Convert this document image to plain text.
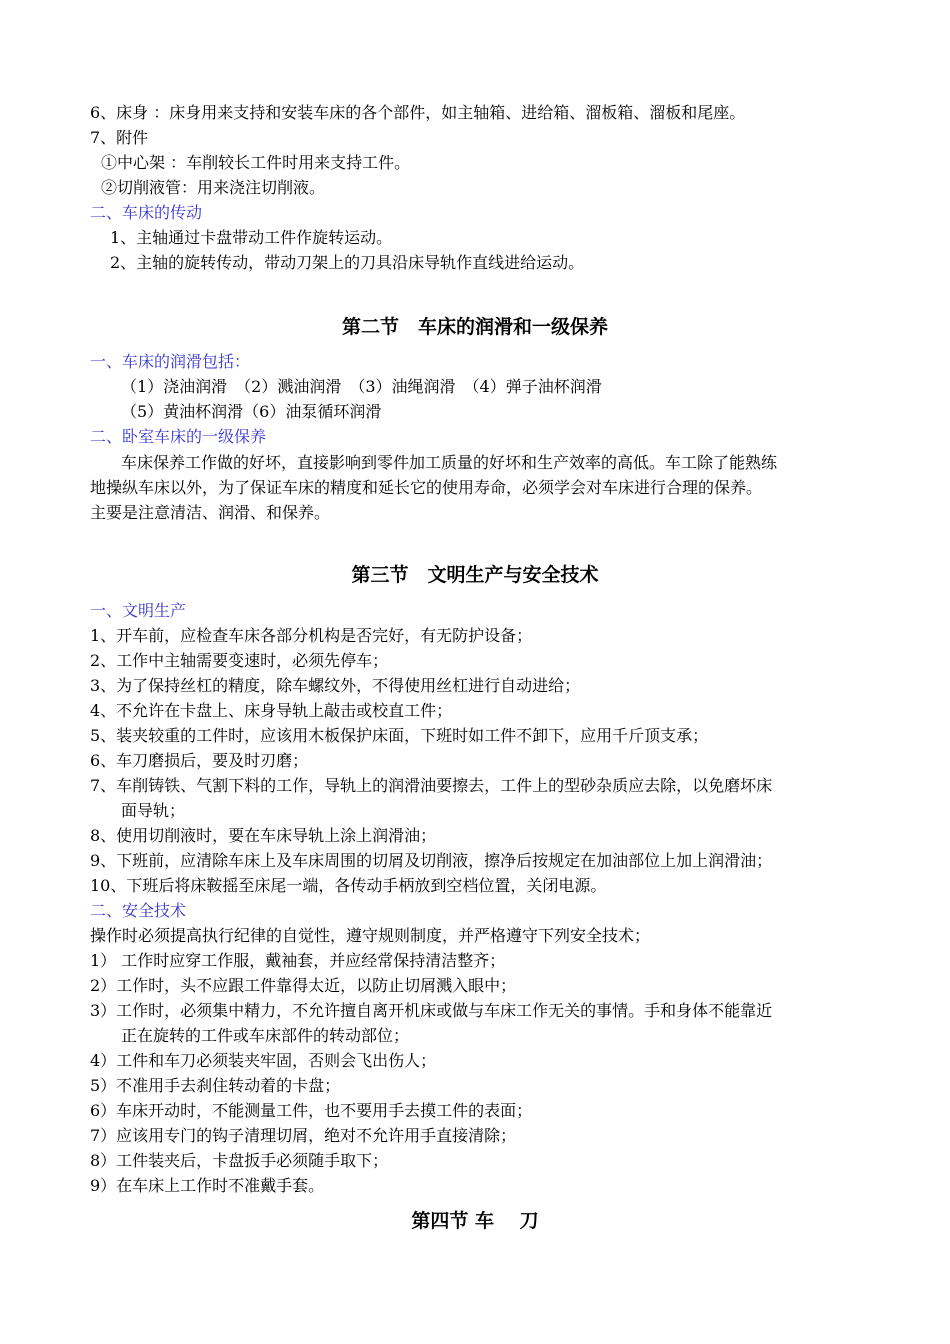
6、床身 ：床身用来支持和安装车床的各个部件，如主轴箱、进给箱、溜板箱、溜板和尾座。
7、附件
①中心架 ：车削较长工件时用来支持工件。
②切削液管：用来浇注切削液。
二、车床的传动
1、主轴通过卡盘带动工件作旋转运动。
2、主轴的旋转传动，带动刀架上的刀具沿床导轨作直线进给运动。
第二节　车床的润滑和一级保养
一、车床的润滑包括：
（1）浇油润滑　（2）溅油润滑　（3）油绳润滑　（4）弹子油杯润滑
（5）黄油杯润滑（6）油泵循环润滑
二、卧室车床的一级保养
车床保养工作做的好坏，直接影响到零件加工质量的好坏和生产效率的高低。车工除了能熟练
地操纵车床以外，为了保证车床的精度和延长它的使用寿命，必须学会对车床进行合理的保养。
主要是注意清洁、润滑、和保养。
第三节　文明生产与安全技术
一、文明生产
1、开车前，应检查车床各部分机构是否完好，有无防护设备；
2、工作中主轴需要变速时，必须先停车；
3、为了保持丝杠的精度，除车螺纹外，不得使用丝杠进行自动进给；
4、不允许在卡盘上、床身导轨上敲击或校直工件；
5、装夹较重的工件时，应该用木板保护床面，下班时如工件不卸下，应用千斤顶支承；
6、车刀磨损后，要及时刃磨；
7、车削铸铁、气割下料的工作，导轨上的润滑油要擦去，工件上的型砂杂质应去除，以免磨坏床
面导轨；
8、使用切削液时，要在车床导轨上涂上润滑油；
9、下班前，应清除车床上及车床周围的切屑及切削液，擦净后按规定在加油部位上加上润滑油；
10、下班后将床鞍摇至床尾一端，各传动手柄放到空档位置，关闭电源。
二、安全技术
操作时必须提高执行纪律的自觉性，遵守规则制度，并严格遵守下列安全技术；
1） 工作时应穿工作服，戴袖套，并应经常保持清洁整齐；
2）工作时，头不应跟工件靠得太近，以防止切屑溅入眼中；
3）工作时，必须集中精力，不允许擅自离开机床或做与车床工作无关的事情。手和身体不能靠近
正在旋转的工件或车床部件的转动部位；
4）工件和车刀必须装夹牢固，否则会飞出伤人；
5）不准用手去刹住转动着的卡盘；
6）车床开动时，不能测量工件，也不要用手去摸工件的表面；
7）应该用专门的钩子清理切屑，绝对不允许用手直接清除；
8）工件装夹后，卡盘扳手必须随手取下；
9）在车床上工作时不准戴手套。
第四节 车　 刀
